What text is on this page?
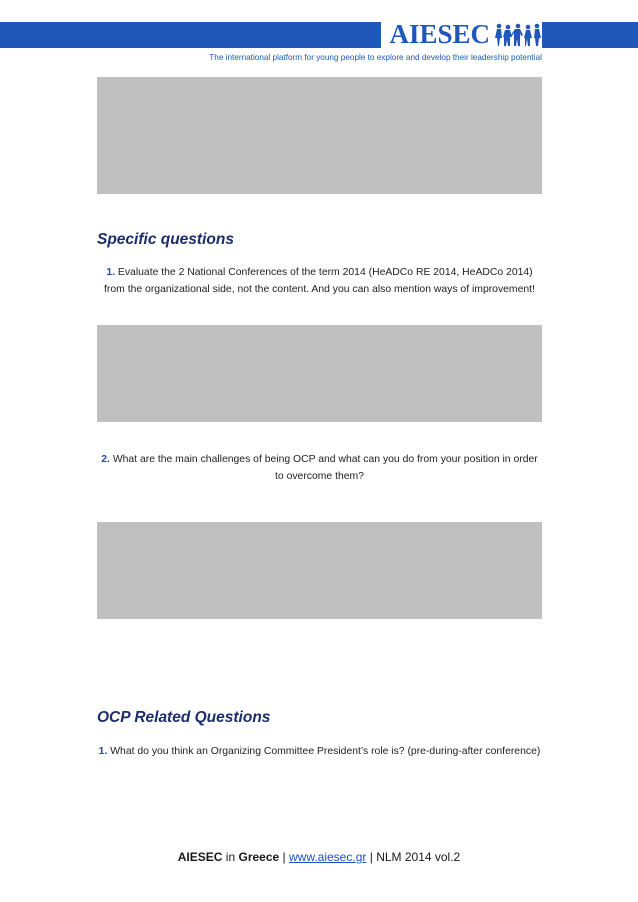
AIESEC
The international platform for young people to explore and develop their leadership potential
Specific questions
1. Evaluate the 2 National Conferences of the term 2014 (HeADCo RE 2014, HeADCo 2014) from the organizational side, not the content. And you can also mention ways of improvement!
2. What are the main challenges of being OCP and what can you do from your position in order to overcome them?
OCP Related Questions
1. What do you think an Organizing Committee President’s role is? (pre-during-after conference)
AIESEC in Greece | www.aiesec.gr | NLM 2014 vol.2
